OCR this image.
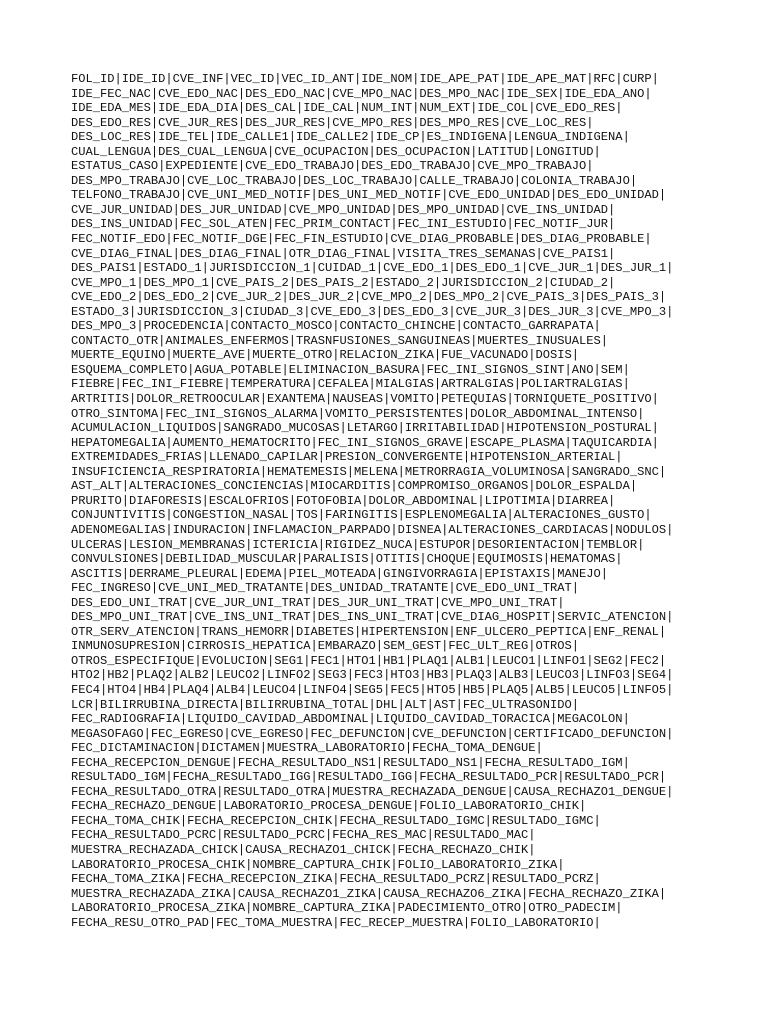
FOL_ID|IDE_ID|CVE_INF|VEC_ID|VEC_ID_ANT|IDE_NOM|IDE_APE_PAT|IDE_APE_MAT|RFC|CURP|
IDE_FEC_NAC|CVE_EDO_NAC|DES_EDO_NAC|CVE_MPO_NAC|DES_MPO_NAC|IDE_SEX|IDE_EDA_ANO|
IDE_EDA_MES|IDE_EDA_DIA|DES_CAL|IDE_CAL|NUM_INT|NUM_EXT|IDE_COL|CVE_EDO_RES|
DES_EDO_RES|CVE_JUR_RES|DES_JUR_RES|CVE_MPO_RES|DES_MPO_RES|CVE_LOC_RES|
DES_LOC_RES|IDE_TEL|IDE_CALLE1|IDE_CALLE2|IDE_CP|ES_INDIGENA|LENGUA_INDIGENA|
CUAL_LENGUA|DES_CUAL_LENGUA|CVE_OCUPACION|DES_OCUPACION|LATITUD|LONGITUD|
ESTATUS_CASO|EXPEDIENTE|CVE_EDO_TRABAJO|DES_EDO_TRABAJO|CVE_MPO_TRABAJO|
DES_MPO_TRABAJO|CVE_LOC_TRABAJO|DES_LOC_TRABAJO|CALLE_TRABAJO|COLONIA_TRABAJO|
TELFONO_TRABAJO|CVE_UNI_MED_NOTIF|DES_UNI_MED_NOTIF|CVE_EDO_UNIDAD|DES_EDO_UNIDAD|
CVE_JUR_UNIDAD|DES_JUR_UNIDAD|CVE_MPO_UNIDAD|DES_MPO_UNIDAD|CVE_INS_UNIDAD|
DES_INS_UNIDAD|FEC_SOL_ATEN|FEC_PRIM_CONTACT|FEC_INI_ESTUDIO|FEC_NOTIF_JUR|
FEC_NOTIF_EDO|FEC_NOTIF_DGE|FEC_FIN_ESTUDIO|CVE_DIAG_PROBABLE|DES_DIAG_PROBABLE|
CVE_DIAG_FINAL|DES_DIAG_FINAL|OTR_DIAG_FINAL|VISITA_TRES_SEMANAS|CVE_PAIS1|
DES_PAIS1|ESTADO_1|JURISDICCION_1|CUIDAD_1|CVE_EDO_1|DES_EDO_1|CVE_JUR_1|DES_JUR_1|
CVE_MPO_1|DES_MPO_1|CVE_PAIS_2|DES_PAIS_2|ESTADO_2|JURISDICCION_2|CIUDAD_2|
CVE_EDO_2|DES_EDO_2|CVE_JUR_2|DES_JUR_2|CVE_MPO_2|DES_MPO_2|CVE_PAIS_3|DES_PAIS_3|
ESTADO_3|JURISDICCION_3|CIUDAD_3|CVE_EDO_3|DES_EDO_3|CVE_JUR_3|DES_JUR_3|CVE_MPO_3|
DES_MPO_3|PROCEDENCIA|CONTACTO_MOSCO|CONTACTO_CHINCHE|CONTACTO_GARRAPATA|
CONTACTO_OTR|ANIMALES_ENFERMOS|TRASNFUSIONES_SANGUINEAS|MUERTES_INUSUALES|
MUERTE_EQUINO|MUERTE_AVE|MUERTE_OTRO|RELACION_ZIKA|FUE_VACUNADO|DOSIS|
ESQUEMA_COMPLETO|AGUA_POTABLE|ELIMINACION_BASURA|FEC_INI_SIGNOS_SINT|ANO|SEM|
FIEBRE|FEC_INI_FIEBRE|TEMPERATURA|CEFALEA|MIALGIAS|ARTRALGIAS|POLIARTRALGIAS|
ARTRITIS|DOLOR_RETROOCULAR|EXANTEMA|NAUSEAS|VOMITO|PETEQUIAS|TORNIQUETE_POSITIVO|
OTRO_SINTOMA|FEC_INI_SIGNOS_ALARMA|VOMITO_PERSISTENTES|DOLOR_ABDOMINAL_INTENSO|
ACUMULACION_LIQUIDOS|SANGRADO_MUCOSAS|LETARGO|IRRITABILIDAD|HIPOTENSION_POSTURAL|
HEPATOMEGALIA|AUMENTO_HEMATOCRITO|FEC_INI_SIGNOS_GRAVE|ESCAPE_PLASMA|TAQUICARDIA|
EXTREMIDADES_FRIAS|LLENADO_CAPILAR|PRESION_CONVERGENTE|HIPOTENSION_ARTERIAL|
INSUFICIENCIA_RESPIRATORIA|HEMATEMESIS|MELENA|METRORRAGIA_VOLUMINOSA|SANGRADO_SNC|
AST_ALT|ALTERACIONES_CONCIENCIAS|MIOCARDITIS|COMPROMISO_ORGANOS|DOLOR_ESPALDA|
PRURITO|DIAFORESIS|ESCALOFRIOS|FOTOFOBIA|DOLOR_ABDOMINAL|LIPOTIMIA|DIARREA|
CONJUNTIVITIS|CONGESTION_NASAL|TOS|FARINGITIS|ESPLENOMEGALIA|ALTERACIONES_GUSTO|
ADENOMEGALIAS|INDURACION|INFLAMACION_PARPADO|DISNEA|ALTERACIONES_CARDIACAS|NODULOS|
ULCERAS|LESION_MEMBRANAS|ICTERICIA|RIGIDEZ_NUCA|ESTUPOR|DESORIENTACION|TEMBLOR|
CONVULSIONES|DEBILIDAD_MUSCULAR|PARALISIS|OTITIS|CHOQUE|EQUIMOSIS|HEMATOMAS|
ASCITIS|DERRAME_PLEURAL|EDEMA|PIEL_MOTEADA|GINGIVORRAGIA|EPISTAXIS|MANEJO|
FEC_INGRESO|CVE_UNI_MED_TRATANTE|DES_UNIDAD_TRATANTE|CVE_EDO_UNI_TRAT|
DES_EDO_UNI_TRAT|CVE_JUR_UNI_TRAT|DES_JUR_UNI_TRAT|CVE_MPO_UNI_TRAT|
DES_MPO_UNI_TRAT|CVE_INS_UNI_TRAT|DES_INS_UNI_TRAT|CVE_DIAG_HOSPIT|SERVIC_ATENCION|
OTR_SERV_ATENCION|TRANS_HEMORR|DIABETES|HIPERTENSION|ENF_ULCERO_PEPTICA|ENF_RENAL|
INMUNOSUPRESION|CIRROSIS_HEPATICA|EMBARAZO|SEM_GEST|FEC_ULT_REG|OTROS|
OTROS_ESPECIFIQUE|EVOLUCION|SEG1|FEC1|HTO1|HB1|PLAQ1|ALB1|LEUCO1|LINFO1|SEG2|FEC2|
HTO2|HB2|PLAQ2|ALB2|LEUCO2|LINFO2|SEG3|FEC3|HTO3|HB3|PLAQ3|ALB3|LEUCO3|LINFO3|SEG4|
FEC4|HTO4|HB4|PLAQ4|ALB4|LEUCO4|LINFO4|SEG5|FEC5|HTO5|HB5|PLAQ5|ALB5|LEUCO5|LINFO5|
LCR|BILIRRUBINA_DIRECTA|BILIRRUBINA_TOTAL|DHL|ALT|AST|FEC_ULTRASONIDO|
FEC_RADIOGRAFIA|LIQUIDO_CAVIDAD_ABDOMINAL|LIQUIDO_CAVIDAD_TORACICA|MEGACOLON|
MEGASOFAGO|FEC_EGRESO|CVE_EGRESO|FEC_DEFUNCION|CVE_DEFUNCION|CERTIFICADO_DEFUNCION|
FEC_DICTAMINACION|DICTAMEN|MUESTRA_LABORATORIO|FECHA_TOMA_DENGUE|
FECHA_RECEPCION_DENGUE|FECHA_RESULTADO_NS1|RESULTADO_NS1|FECHA_RESULTADO_IGM|
RESULTADO_IGM|FECHA_RESULTADO_IGG|RESULTADO_IGG|FECHA_RESULTADO_PCR|RESULTADO_PCR|
FECHA_RESULTADO_OTRA|RESULTADO_OTRA|MUESTRA_RECHAZADA_DENGUE|CAUSA_RECHAZO1_DENGUE|
FECHA_RECHAZO_DENGUE|LABORATORIO_PROCESA_DENGUE|FOLIO_LABORATORIO_CHIK|
FECHA_TOMA_CHIK|FECHA_RECEPCION_CHIK|FECHA_RESULTADO_IGMC|RESULTADO_IGMC|
FECHA_RESULTADO_PCRC|RESULTADO_PCRC|FECHA_RES_MAC|RESULTADO_MAC|
MUESTRA_RECHAZADA_CHICK|CAUSA_RECHAZO1_CHICK|FECHA_RECHAZO_CHIK|
LABORATORIO_PROCESA_CHIK|NOMBRE_CAPTURA_CHIK|FOLIO_LABORATORIO_ZIKA|
FECHA_TOMA_ZIKA|FECHA_RECEPCION_ZIKA|FECHA_RESULTADO_PCRZ|RESULTADO_PCRZ|
MUESTRA_RECHAZADA_ZIKA|CAUSA_RECHAZO1_ZIKA|CAUSA_RECHAZO6_ZIKA|FECHA_RECHAZO_ZIKA|
LABORATORIO_PROCESA_ZIKA|NOMBRE_CAPTURA_ZIKA|PADECIMIENTO_OTRO|OTRO_PADECIM|
FECHA_RESU_OTRO_PAD|FEC_TOMA_MUESTRA|FEC_RECEP_MUESTRA|FOLIO_LABORATORIO|
